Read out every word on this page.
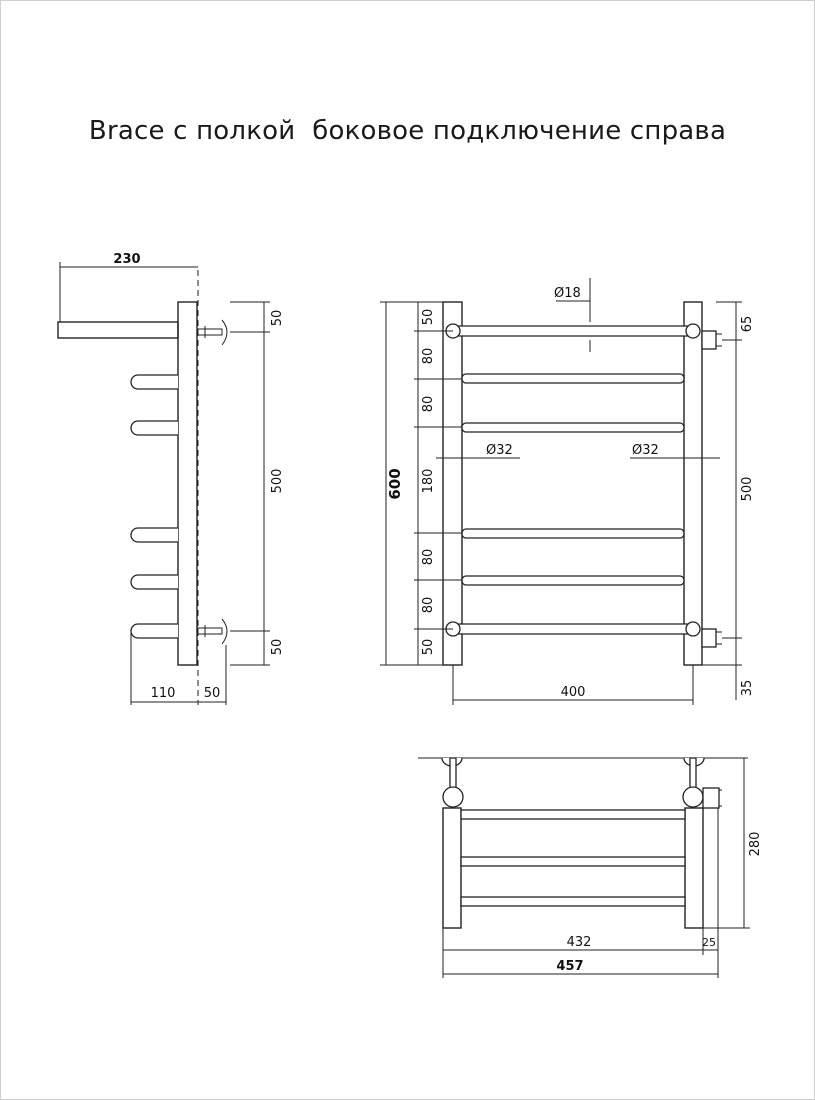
Brace с полкой  боковое подключение справа
230
50
500
50
110 50
Ø18
Ø32	Ø32
600
50
80
80
180
80
80
50
65
500
35
400
280
432	25
457
